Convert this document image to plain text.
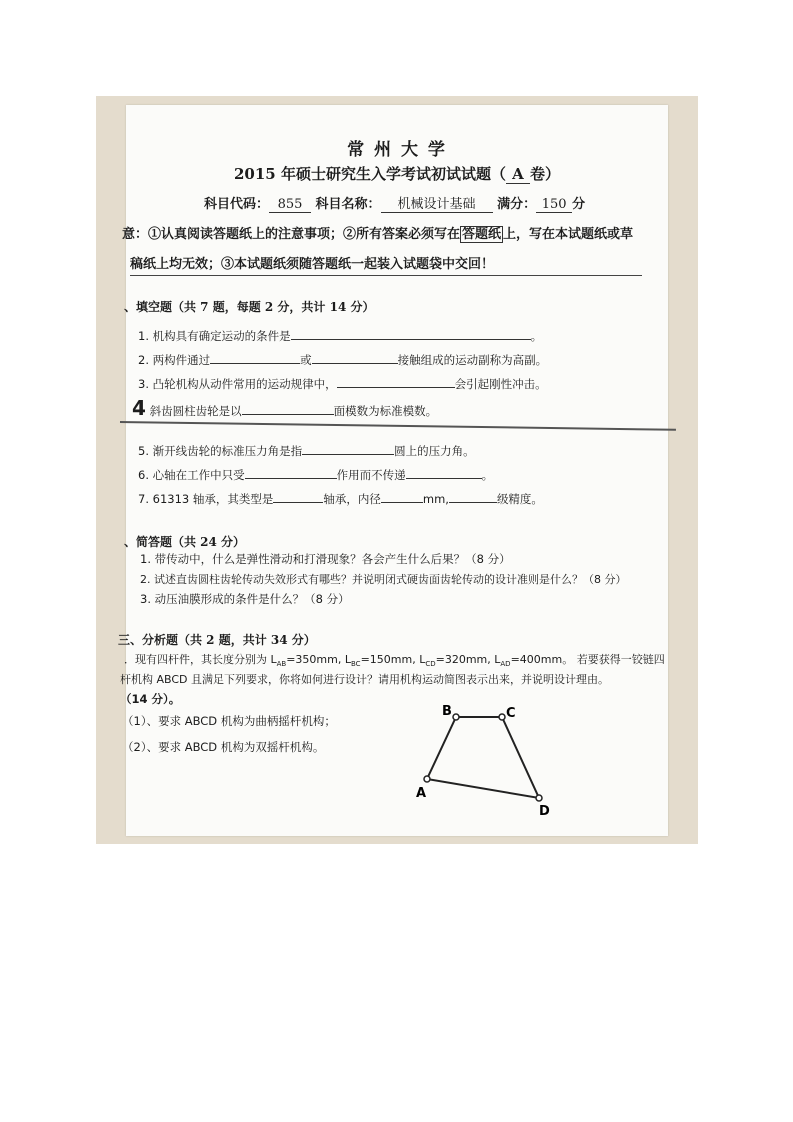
常 州 大 学
2015 年硕士研究生入学考试初试试题（ A 卷）
科目代码： 855 科目名称： 机械设计基础 满分： 150 分
意：①认真阅读答题纸上的注意事项；②所有答案必须写在 答题纸 上，写在本试题纸或草
稿纸上均无效；③本试题纸须随答题纸一起装入试题袋中交回！
、填空题（共 7 题，每题 2 分，共计 14 分）
1. 机构具有确定运动的条件是	。
2. 两构件通过	或	接触组成的运动副称为高副。
3. 凸轮机构从动件常用的运动规律中，	会引起刚性冲击。
4 斜齿圆柱齿轮是以	面模数为标准模数。
5. 渐开线齿轮的标准压力角是指	圆上的压力角。
6. 心轴在工作中只受	作用而不传递	。
7. 61313 轴承，其类型是	轴承，内径	mm,	级精度。
、简答题（共 24 分）
1. 带传动中，什么是弹性滑动和打滑现象？各会产生什么后果？（8 分）
2. 试述直齿圆柱齿轮传动失效形式有哪些？并说明闭式硬齿面齿轮传动的设计准则是什么？（8 分）
3. 动压油膜形成的条件是什么？（8 分）
三、分析题（共 2 题，共计 34 分）
．现有四杆件，其长度分别为 $L_{AB}=350mm$, $L_{BC}=150mm$, $L_{CD}=320mm$, $L_{AD}=400mm$。 若要获得一铰链四
杆机构 ABCD 且满足下列要求，你将如何进行设计？请用机构运动简图表示出来，并说明设计理由。
（14 分）。
（1）、要求 ABCD 机构为曲柄摇杆机构；
（2）、要求 ABCD 机构为双摇杆机构。
B	C
A
D
